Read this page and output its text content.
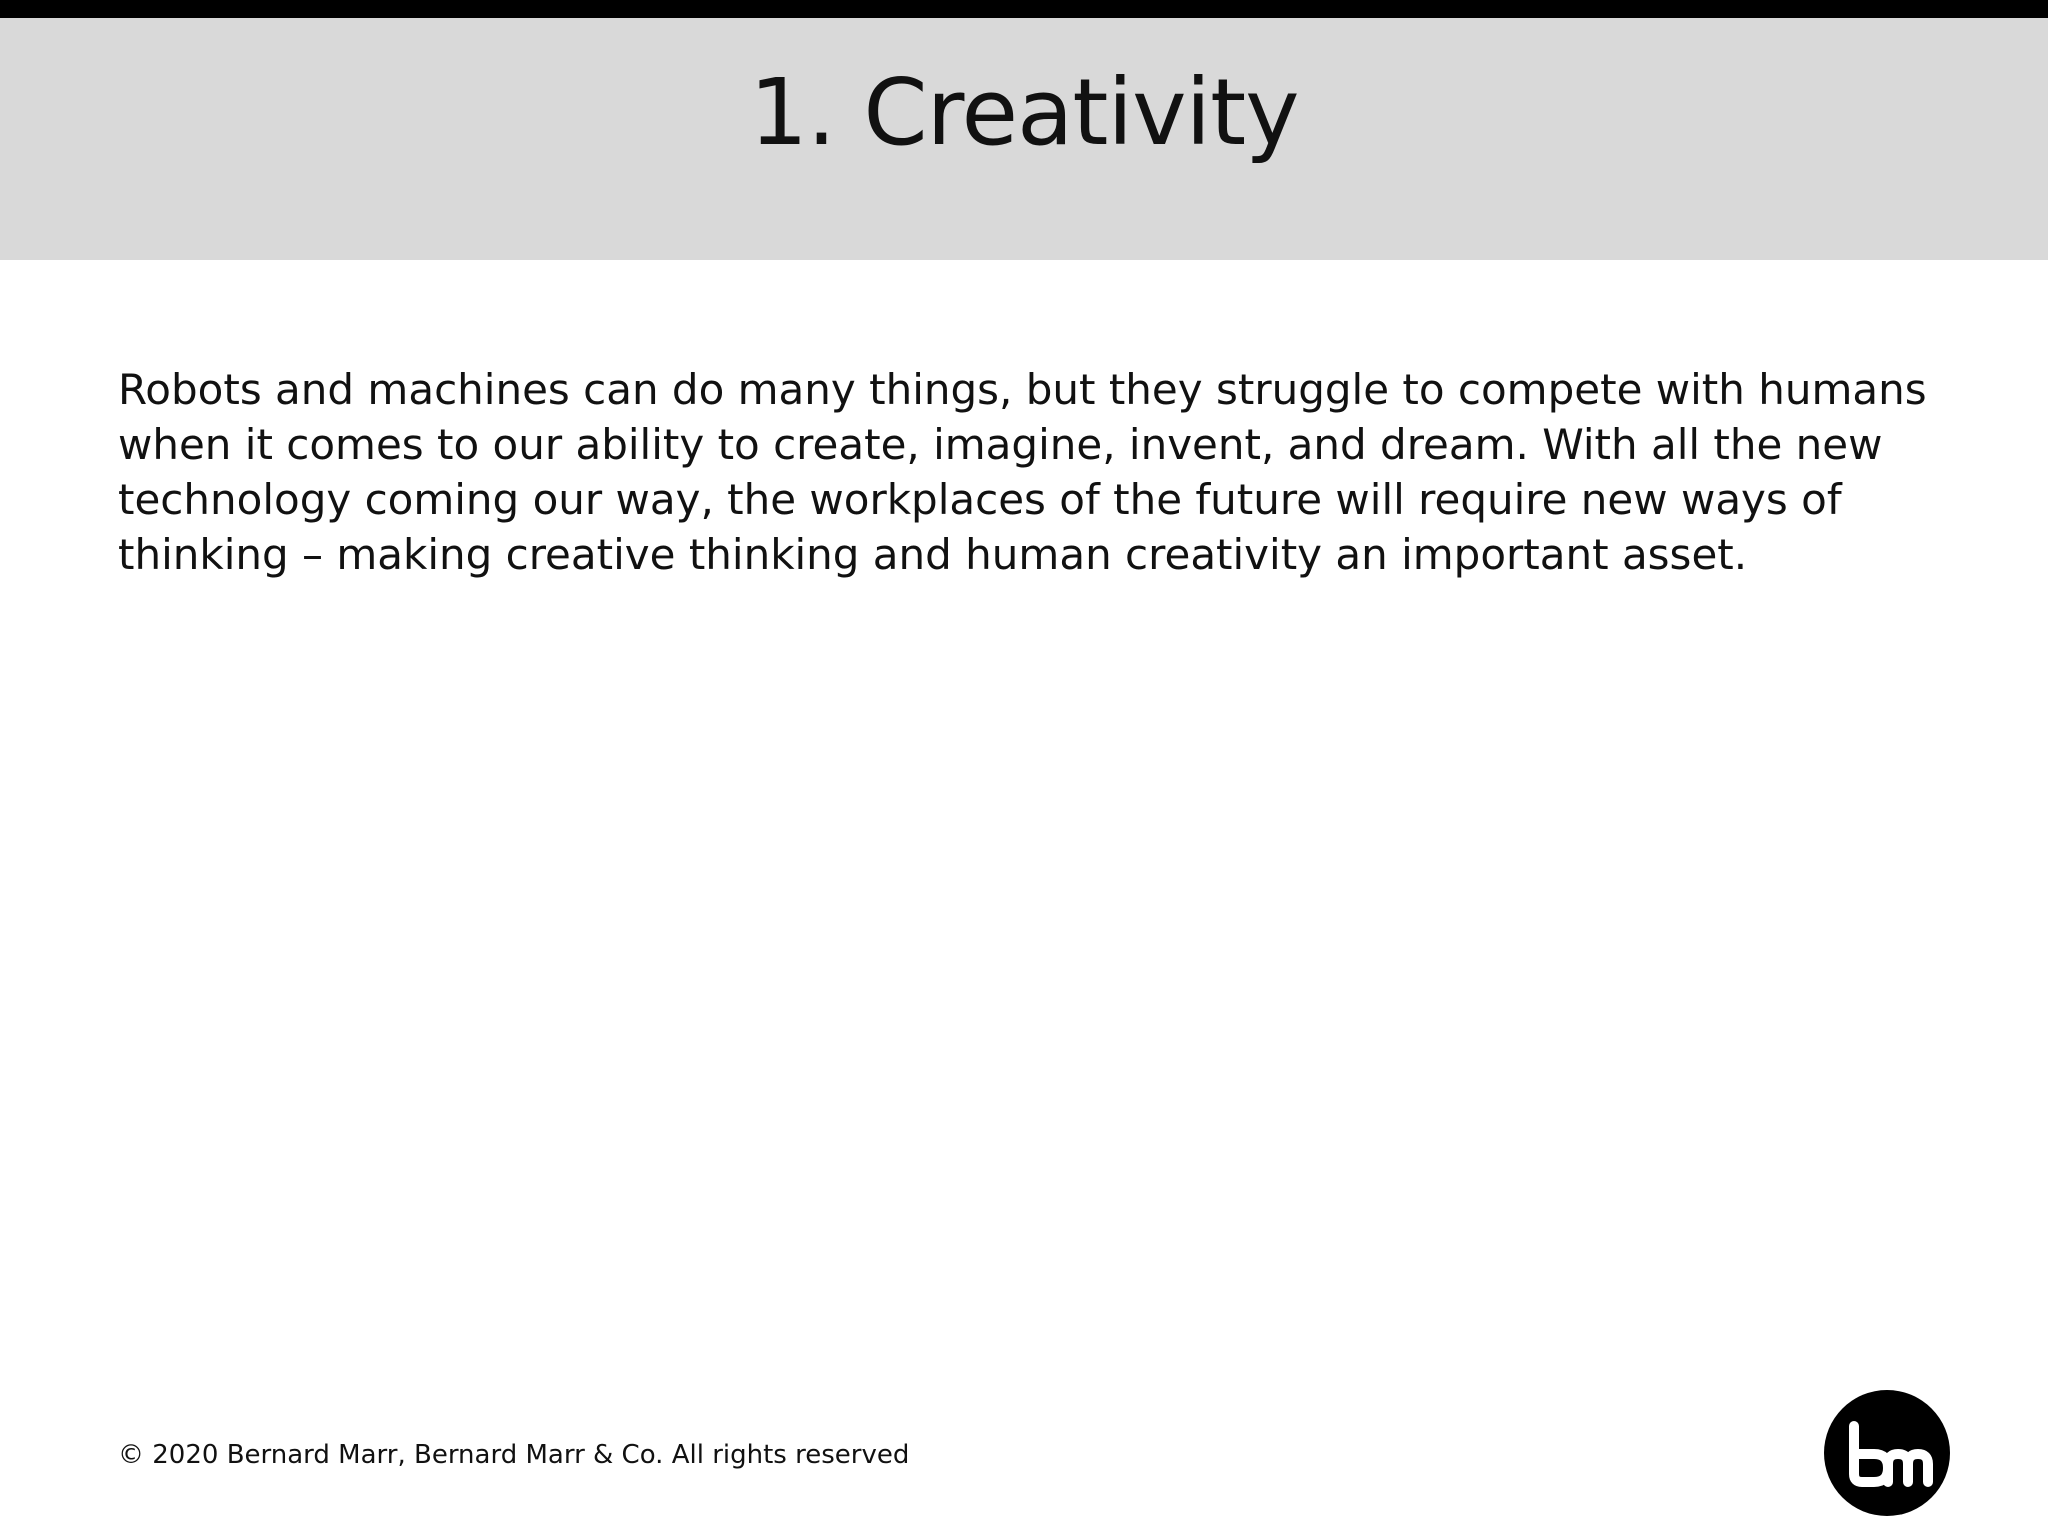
1. Creativity

Robots and machines can do many things, but they struggle to compete with humans when it comes to our ability to create, imagine, invent, and dream. With all the new technology coming our way, the workplaces of the future will require new ways of thinking – making creative thinking and human creativity an important asset.

© 2020 Bernard Marr, Bernard Marr & Co. All rights reserved
